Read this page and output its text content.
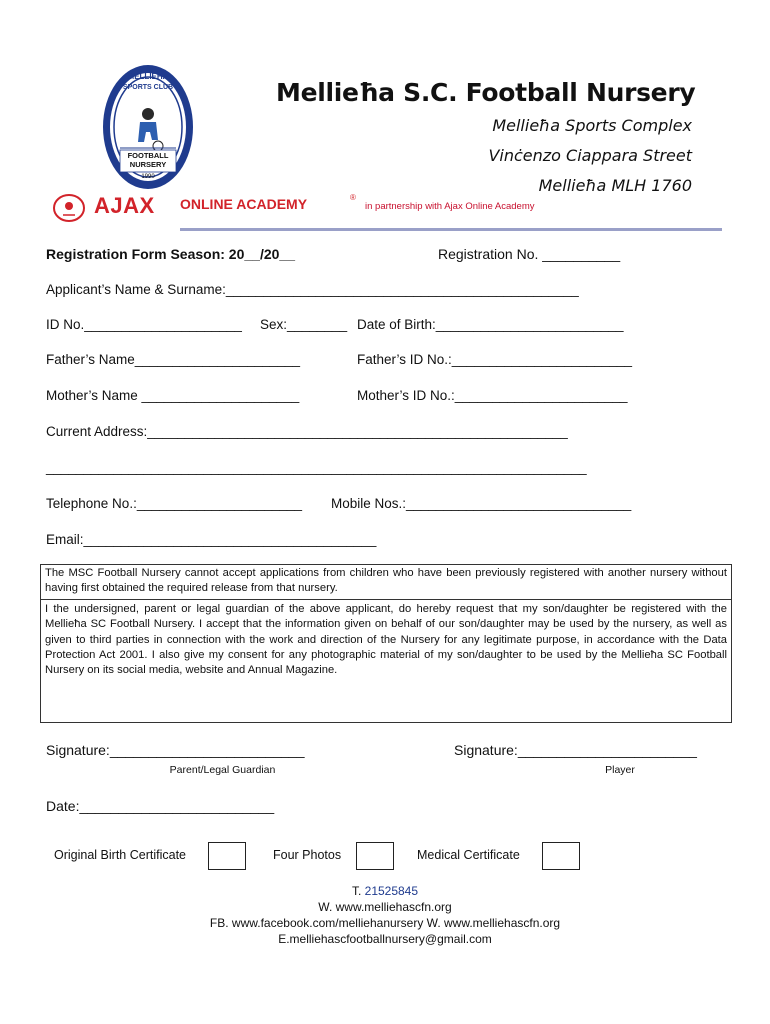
MELLIEĦA
SPORTS CLUB
FOOTBALL
NURSERY
1990
Mellieħa S.C. Football Nursery
Mellieħa Sports Complex
Vinċenzo Ciappara Street
Mellieħa MLH 1760
AJAX ONLINE ACADEMY	®
in partnership with Ajax Online Academy
Registration Form Season: 20__/20__	Registration No. __________
Applicant’s Name & Surname:_______________________________________________
ID No._____________________ Sex:________ Date of Birth:_________________________
Father’s Name______________________	Father’s ID No.:________________________
Mother’s Name _____________________	Mother’s ID No.:_______________________
Current Address:________________________________________________________
________________________________________________________________________
Telephone No.:______________________ Mobile Nos.:______________________________
Email:_______________________________________
The MSC Football Nursery cannot accept applications from children who have been previously registered with another nursery without having first obtained the required release from that nursery.
I the undersigned, parent or legal guardian of the above applicant, do hereby request that my son/daughter be registered with the Mellieħa SC Football Nursery. I accept that the information given on behalf of our son/daughter may be used by the nursery, as well as given to third parties in connection with the work and direction of the Nursery for any legitimate purpose, in accordance with the Data Protection Act 2001. I also give my consent for any photographic material of my son/daughter to be used by the Mellieħa SC Football Nursery on its social media, website and Annual Magazine.
Signature:_________________________
Parent/Legal Guardian
Signature:_______________________
Player
Date:_________________________
Original Birth Certificate	Four Photos	Medical Certificate
T. 21525845
W. www.melliehascfn.org
FB. www.facebook.com/melliehanursery W. www.melliehascfn.org
E.melliehascfootballnursery@gmail.com
